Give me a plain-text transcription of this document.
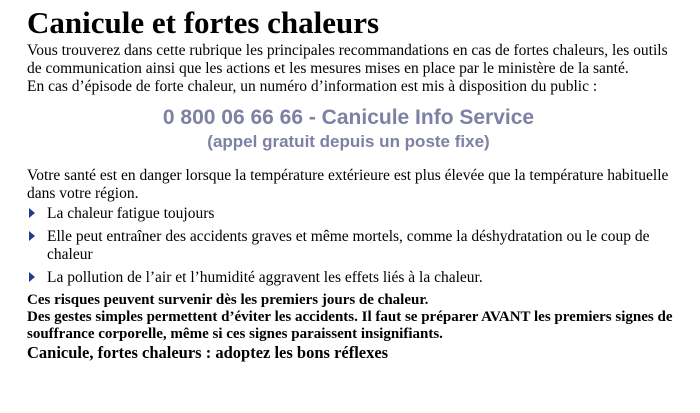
Canicule et fortes chaleurs

Vous trouverez dans cette rubrique les principales recommandations en cas de fortes chaleurs, les outils de communication ainsi que les actions et les mesures mises en place par le ministère de la santé.

En cas d’épisode de forte chaleur, un numéro d’information est mis à disposition du public :

0 800 06 66 66 - Canicule Info Service
(appel gratuit depuis un poste fixe)

Votre santé est en danger lorsque la température extérieure est plus élevée que la température habituelle dans votre région.

La chaleur fatigue toujours
Elle peut entraîner des accidents graves et même mortels, comme la déshydratation ou le coup de chaleur
La pollution de l’air et l’humidité aggravent les effets liés à la chaleur.

Ces risques peuvent survenir dès les premiers jours de chaleur.

Des gestes simples permettent d’éviter les accidents. Il faut se préparer AVANT les premiers signes de souffrance corporelle, même si ces signes paraissent insignifiants.

Canicule, fortes chaleurs : adoptez les bons réflexes
